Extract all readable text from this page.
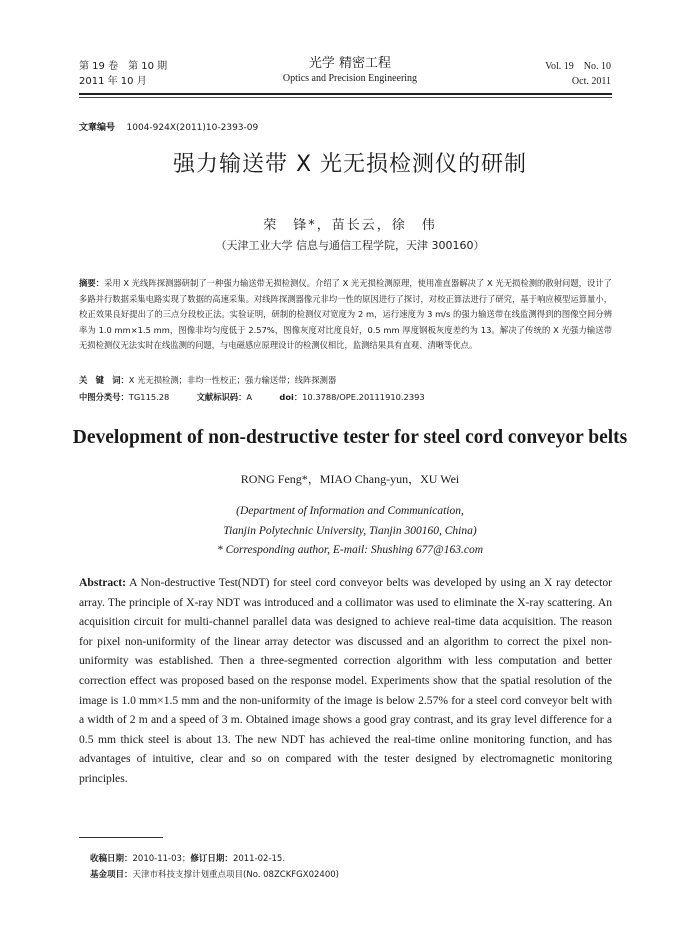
第 19 卷　第 10 期
2011 年 10 月
光学 精密工程
Optics and Precision Engineering
Vol. 19　No. 10
Oct. 2011
文章编号 1004-924X(2011)10-2393-09
强力输送带 X 光无损检测仪的研制
荣　锋*，苗长云，徐　伟
（天津工业大学 信息与通信工程学院，天津 300160）
摘要：采用 X 光线阵探测器研制了一种强力输送带无损检测仪。介绍了 X 光无损检测原理，使用准直器解决了 X 光无损检测的散射问题，设计了多路并行数据采集电路实现了数据的高速采集。对线阵探测器像元非均一性的原因进行了探讨，对校正算法进行了研究，基于响应模型运算量小，校正效果良好提出了的三点分段校正法。实验证明，研制的检测仪对宽度为 2 m，运行速度为 3 m/s 的强力输送带在线监测得到的图像空间分辨率为 1.0 mm×1.5 mm，图像非均匀度低于 2.57%，图像灰度对比度良好，0.5 mm 厚度钢板灰度差约为 13。解决了传统的 X 光强力输送带无损检测仪无法实时在线监测的问题，与电磁感应原理设计的检测仪相比，监测结果具有直观、清晰等优点。
关　键　词：X 光无损检测；非均一性校正；强力输送带；线阵探测器
中图分类号：TG115.28	文献标识码：A	doi：10.3788/OPE.20111910.2393
Development of non-destructive tester for steel cord conveyor belts
RONG Feng*，MIAO Chang-yun，XU Wei
(Department of Information and Communication,
Tianjin Polytechnic University, Tianjin 300160, China)
* Corresponding author, E-mail: Shushing 677@163.com
Abstract: A Non-destructive Test(NDT) for steel cord conveyor belts was developed by using an X ray detector array. The principle of X-ray NDT was introduced and a collimator was used to eliminate the X-ray scattering. An acquisition circuit for multi-channel parallel data was designed to achieve real-time data acquisition. The reason for pixel non-uniformity of the linear array detector was discussed and an algorithm to correct the pixel non-uniformity was established. Then a three-segmented correction algorithm with less computation and better correction effect was proposed based on the response model. Experiments show that the spatial resolution of the image is 1.0 mm×1.5 mm and the non-uniformity of the image is below 2.57% for a steel cord conveyor belt with a width of 2 m and a speed of 3 m. Obtained image shows a good gray contrast, and its gray level difference for a 0.5 mm thick steel is about 13. The new NDT has achieved the real-time online monitoring function, and has advantages of intuitive, clear and so on compared with the tester designed by electromagnetic monitoring principles.
收稿日期：2010-11-03；修订日期：2011-02-15.
基金项目：天津市科技支撑计划重点项目(No. 08ZCKFGX02400)
